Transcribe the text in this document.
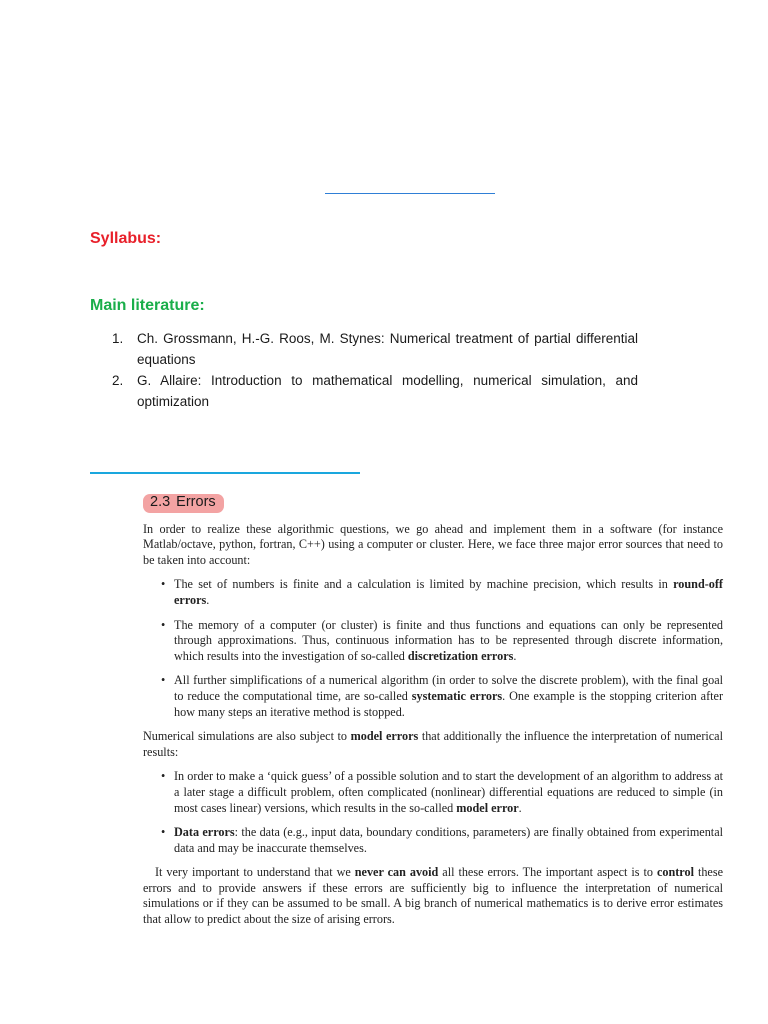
Syllabus:
Main literature:
1. Ch. Grossmann, H.-G. Roos, M. Stynes: Numerical treatment of partial differential equations
2. G. Allaire: Introduction to mathematical modelling, numerical simulation, and optimization
2.3 Errors

In order to realize these algorithmic questions, we go ahead and implement them in a software (for instance Matlab/octave, python, fortran, C++) using a computer or cluster. Here, we face three major error sources that need to be taken into account:

• The set of numbers is finite and a calculation is limited by machine precision, which results in round-off errors.
• The memory of a computer (or cluster) is finite and thus functions and equations can only be represented through approximations. Thus, continuous information has to be represented through discrete information, which results into the investigation of so-called discretization errors.
• All further simplifications of a numerical algorithm (in order to solve the discrete problem), with the final goal to reduce the computational time, are so-called systematic errors. One example is the stopping criterion after how many steps an iterative method is stopped.

Numerical simulations are also subject to model errors that additionally the influence the interpretation of numerical results:

• In order to make a ‘quick guess’ of a possible solution and to start the development of an algorithm to address at a later stage a difficult problem, often complicated (nonlinear) differential equations are reduced to simple (in most cases linear) versions, which results in the so-called model error.
• Data errors: the data (e.g., input data, boundary conditions, parameters) are finally obtained from experimental data and may be inaccurate themselves.

It very important to understand that we never can avoid all these errors. The important aspect is to control these errors and to provide answers if these errors are sufficiently big to influence the interpretation of numerical simulations or if they can be assumed to be small. A big branch of numerical mathematics is to derive error estimates that allow to predict about the size of arising errors.
